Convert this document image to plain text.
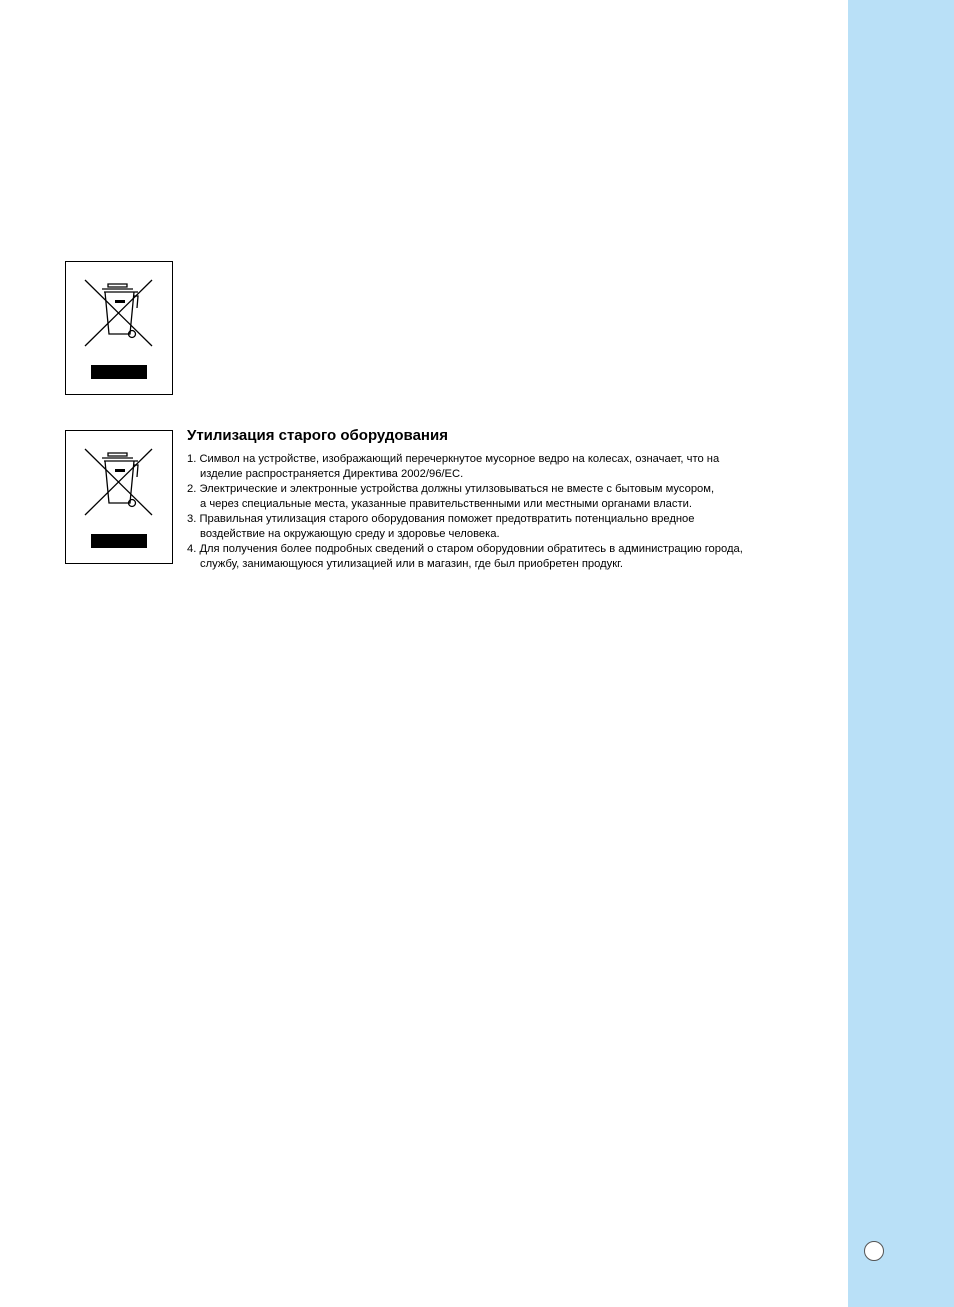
Утилизация старого оборудования
1. Символ на устройстве, изображающий перечеркнутое мусорное ведро на колесах, означает, что на
изделие распространяется Директива 2002/96/ЕС.
2. Электрические и электронные устройства должны утилзовываться не вместе с бытовым мусором,
а через специальные места, указанные правительственными или местными органами власти.
3. Правильная утилизация старого оборудования поможет предотвратить потенциально вредное
воздействие на окружающую среду и здоровье человека.
4. Для получения более подробных сведений о старом оборудовнии обратитесь в администрацию города,
службу, занимающуюся утилизацией или в магазин, где был приобретен продукг.
